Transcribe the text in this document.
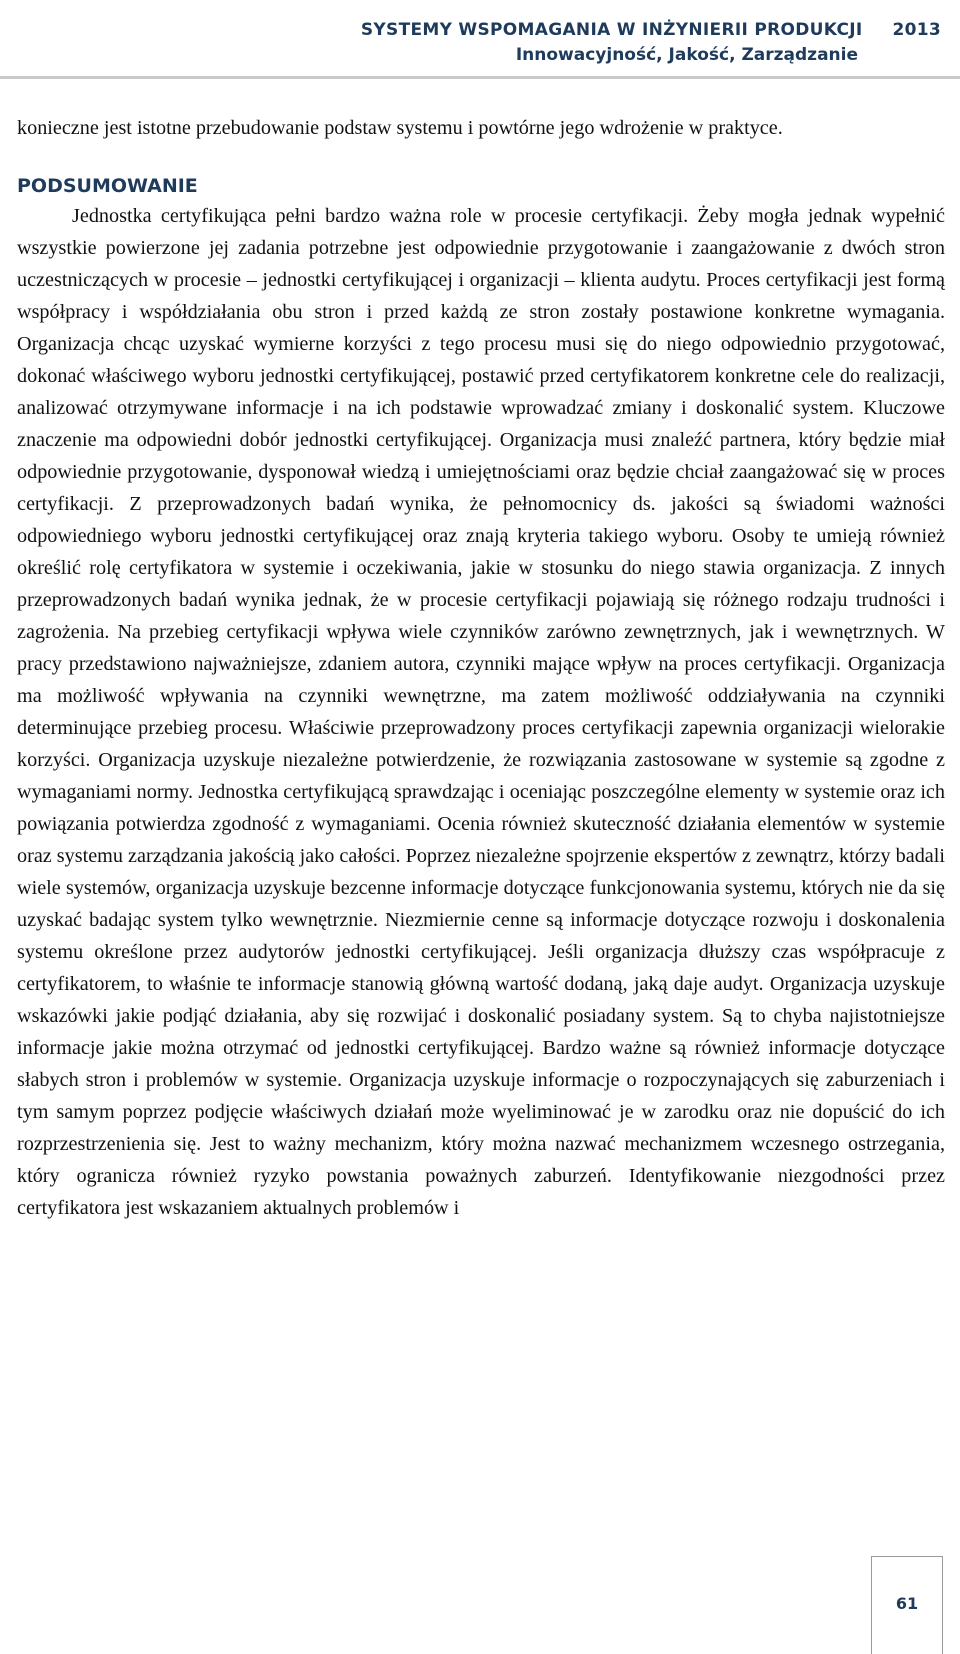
SYSTEMY WSPOMAGANIA W INŻYNIERII PRODUKCJI 2013
Innowacyjność, Jakość, Zarządzanie

konieczne jest istotne przebudowanie podstaw systemu i powtórne jego wdrożenie w praktyce.

PODSUMOWANIE

Jednostka certyfikująca pełni bardzo ważna role w procesie certyfikacji. Żeby mogła jednak wypełnić wszystkie powierzone jej zadania potrzebne jest odpowiednie przygotowanie i zaangażowanie z dwóch stron uczestniczących w procesie – jednostki certyfikującej i organizacji – klienta audytu. Proces certyfikacji jest formą współpracy i współdziałania obu stron i przed każdą ze stron zostały postawione konkretne wymagania. Organizacja chcąc uzyskać wymierne korzyści z tego procesu musi się do niego odpowiednio przygotować, dokonać właściwego wyboru jednostki certyfikującej, postawić przed certyfikatorem konkretne cele do realizacji, analizować otrzymywane informacje i na ich podstawie wprowadzać zmiany i doskonalić system. Kluczowe znaczenie ma odpowiedni dobór jednostki certyfikującej. Organizacja musi znaleźć partnera, który będzie miał odpowiednie przygotowanie, dysponował wiedzą i umiejętnościami oraz będzie chciał zaangażować się w proces certyfikacji. Z przeprowadzonych badań wynika, że pełnomocnicy ds. jakości są świadomi ważności odpowiedniego wyboru jednostki certyfikującej oraz znają kryteria takiego wyboru. Osoby te umieją również określić rolę certyfikatora w systemie i oczekiwania, jakie w stosunku do niego stawia organizacja. Z innych przeprowadzonych badań wynika jednak, że w procesie certyfikacji pojawiają się różnego rodzaju trudności i zagrożenia. Na przebieg certyfikacji wpływa wiele czynników zarówno zewnętrznych, jak i wewnętrznych. W pracy przedstawiono najważniejsze, zdaniem autora, czynniki mające wpływ na proces certyfikacji. Organizacja ma możliwość wpływania na czynniki wewnętrzne, ma zatem możliwość oddziaływania na czynniki determinujące przebieg procesu. Właściwie przeprowadzony proces certyfikacji zapewnia organizacji wielorakie korzyści. Organizacja uzyskuje niezależne potwierdzenie, że rozwiązania zastosowane w systemie są zgodne z wymaganiami normy. Jednostka certyfikującą sprawdzając i oceniając poszczególne elementy w systemie oraz ich powiązania potwierdza zgodność z wymaganiami. Ocenia również skuteczność działania elementów w systemie oraz systemu zarządzania jakością jako całości. Poprzez niezależne spojrzenie ekspertów z zewnątrz, którzy badali wiele systemów, organizacja uzyskuje bezcenne informacje dotyczące funkcjonowania systemu, których nie da się uzyskać badając system tylko wewnętrznie. Niezmiernie cenne są informacje dotyczące rozwoju i doskonalenia systemu określone przez audytorów jednostki certyfikującej. Jeśli organizacja dłuższy czas współpracuje z certyfikatorem, to właśnie te informacje stanowią główną wartość dodaną, jaką daje audyt. Organizacja uzyskuje wskazówki jakie podjąć działania, aby się rozwijać i doskonalić posiadany system. Są to chyba najistotniejsze informacje jakie można otrzymać od jednostki certyfikującej. Bardzo ważne są również informacje dotyczące słabych stron i problemów w systemie. Organizacja uzyskuje informacje o rozpoczynających się zaburzeniach i tym samym poprzez podjęcie właściwych działań może wyeliminować je w zarodku oraz nie dopuścić do ich rozprzestrzenienia się. Jest to ważny mechanizm, który można nazwać mechanizmem wczesnego ostrzegania, który ogranicza również ryzyko powstania poważnych zaburzeń. Identyfikowanie niezgodności przez certyfikatora jest wskazaniem aktualnych problemów i

61
